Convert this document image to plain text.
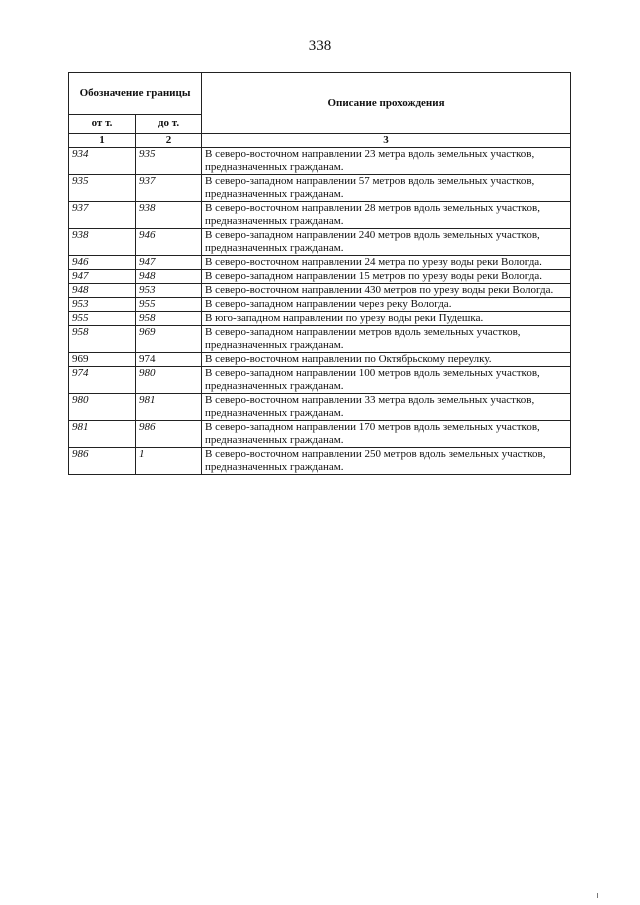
338
Обозначение границы		Описание прохождения
от т.	до т.	
1	2	3
934	935	В северо-восточном направлении 23 метра вдоль земельных участков, предназначенных гражданам.
935	937	В северо-западном направлении 57 метров вдоль земельных участков, предназначенных гражданам.
937	938	В северо-восточном направлении 28 метров вдоль земельных участков, предназначенных гражданам.
938	946	В северо-западном направлении 240 метров вдоль земельных участков, предназначенных гражданам.
946	947	В северо-восточном направлении 24 метра по урезу воды реки Вологда.
947	948	В северо-западном направлении 15 метров по урезу воды реки Вологда.
948	953	В северо-восточном направлении 430 метров по урезу воды реки Вологда.
953	955	В северо-западном направлении через реку Вологда.
955	958	В юго-западном направлении по урезу воды реки Пудешка.
958	969	В северо-западном направлении метров вдоль земельных участков, предназначенных гражданам.
969	974	В северо-восточном направлении по Октябрьскому переулку.
974	980	В северо-западном направлении 100 метров вдоль земельных участков, предназначенных гражданам.
980	981	В северо-восточном направлении 33 метра вдоль земельных участков, предназначенных гражданам.
981	986	В северо-западном направлении 170 метров вдоль земельных участков, предназначенных гражданам.
986	1	В северо-восточном направлении 250 метров вдоль земельных участков, предназначенных гражданам.
